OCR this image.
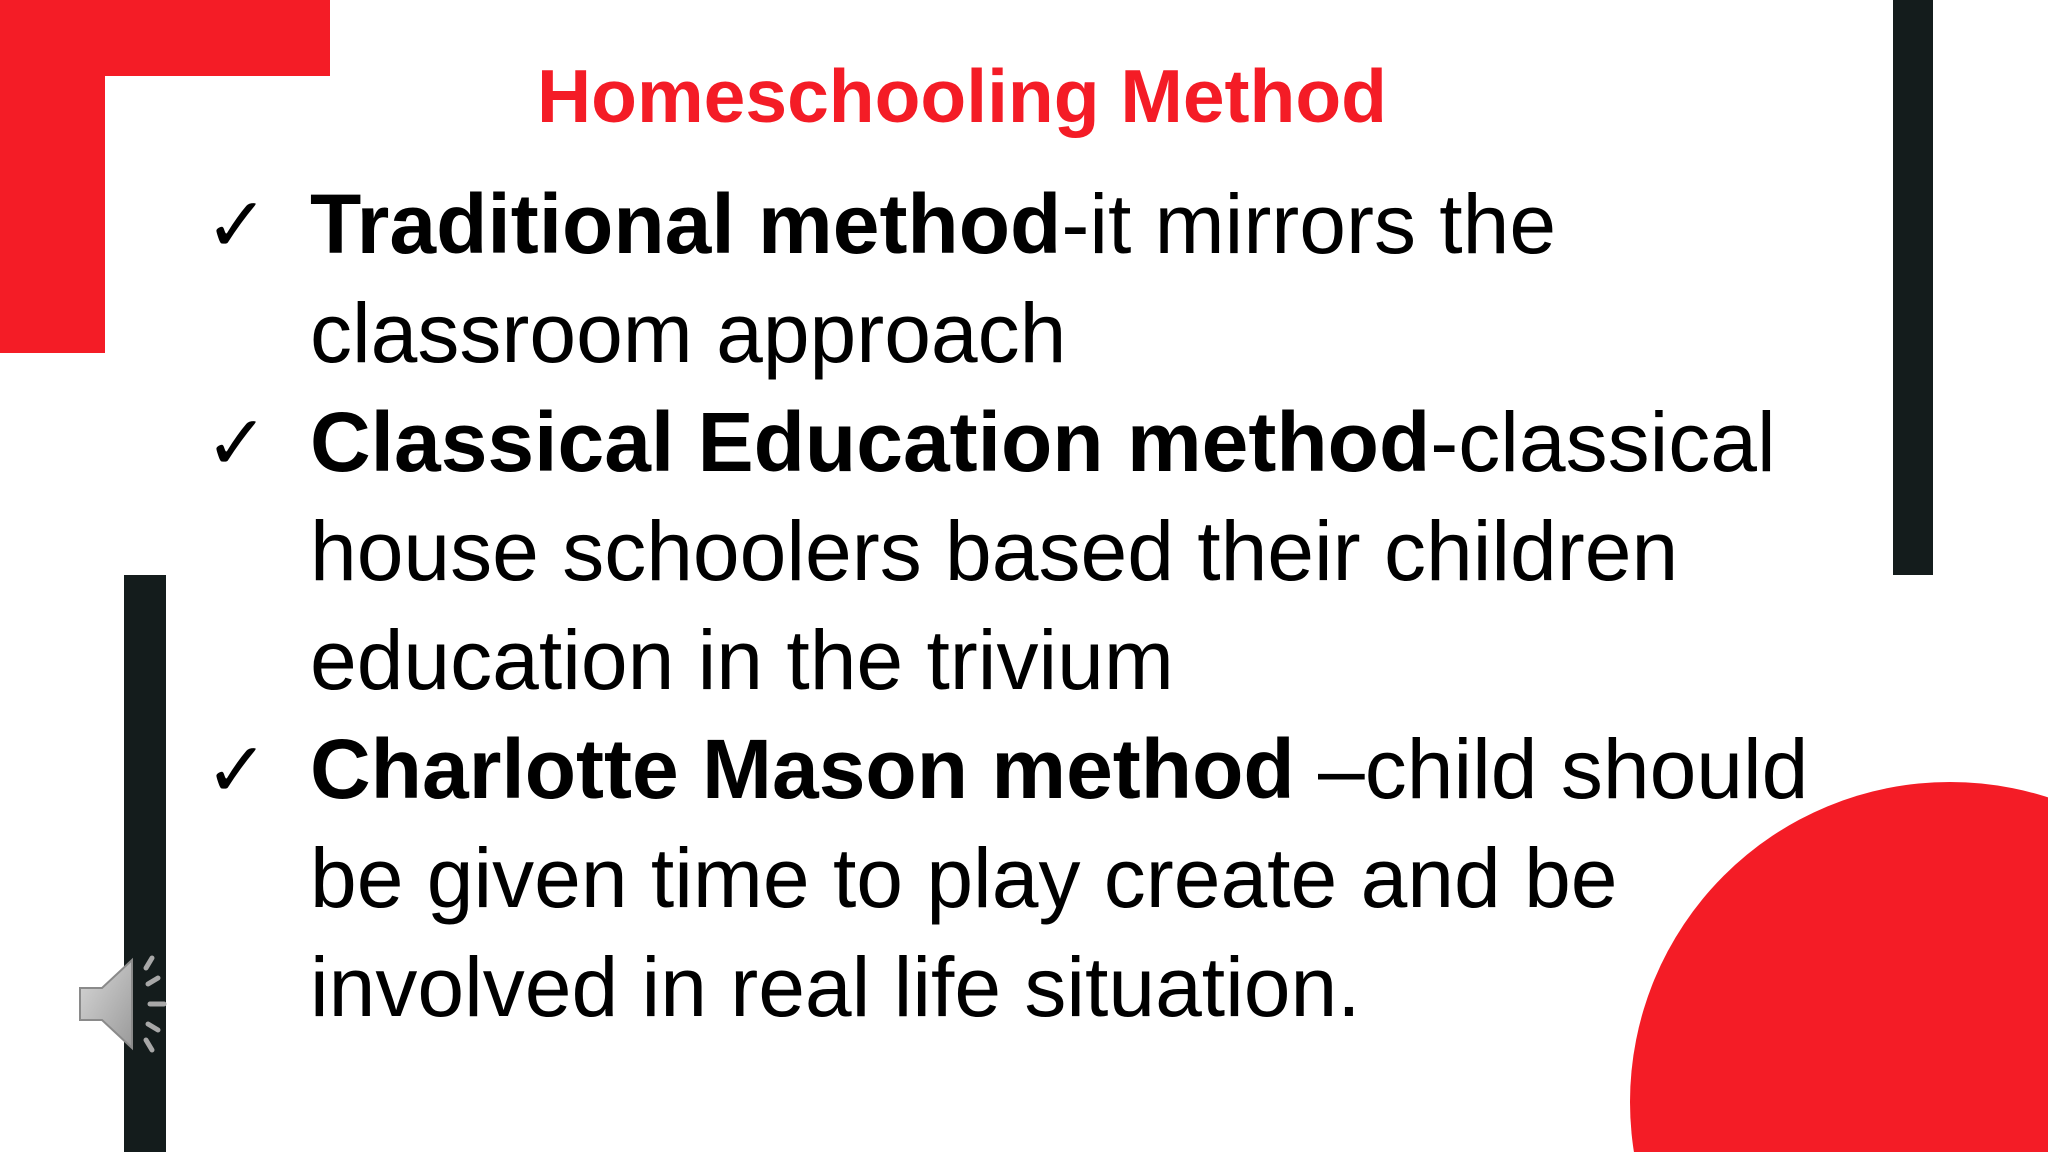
Homeschooling Method
✓ Traditional method-it mirrors the classroom approach
✓ Classical Education method-classical house schoolers based their children education in the trivium
✓ Charlotte Mason method –child should be given time to play create and be involved in real life situation.
